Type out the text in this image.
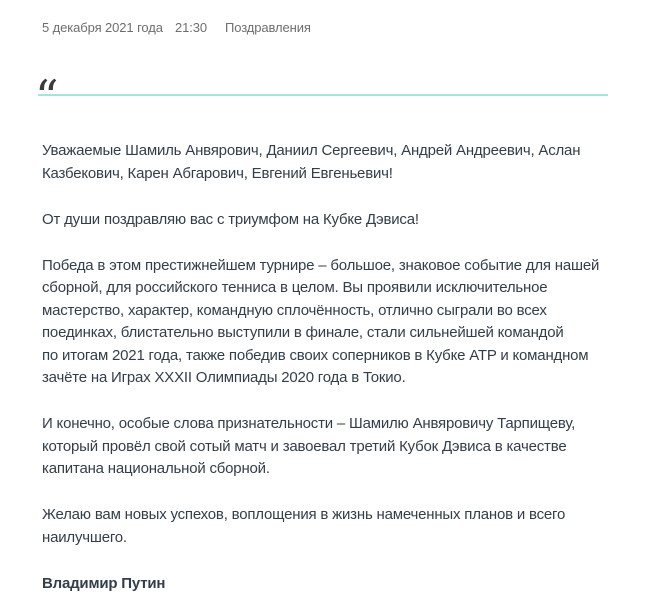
5 декабря 2021 года 21:30	Поздравления
“

Уважаемые Шамиль Анвярович, Даниил Сергеевич, Андрей Андреевич, Аслан
Казбекович, Карен Абгарович, Евгений Евгеньевич!

От души поздравляю вас с триумфом на Кубке Дэвиса!

Победа в этом престижнейшем турнире – большое, знаковое событие для нашей
сборной, для российского тенниса в целом. Вы проявили исключительное
мастерство, характер, командную сплочённость, отлично сыграли во всех
поединках, блистательно выступили в финале, стали сильнейшей командой
по итогам 2021 года, также победив своих соперников в Кубке ATP и командном
зачёте на Играх XXXII Олимпиады 2020 года в Токио.

И конечно, особые слова признательности – Шамилю Анвяровичу Тарпищеву,
который провёл свой сотый матч и завоевал третий Кубок Дэвиса в качестве
капитана национальной сборной.

Желаю вам новых успехов, воплощения в жизнь намеченных планов и всего
наилучшего.

Владимир Путин
